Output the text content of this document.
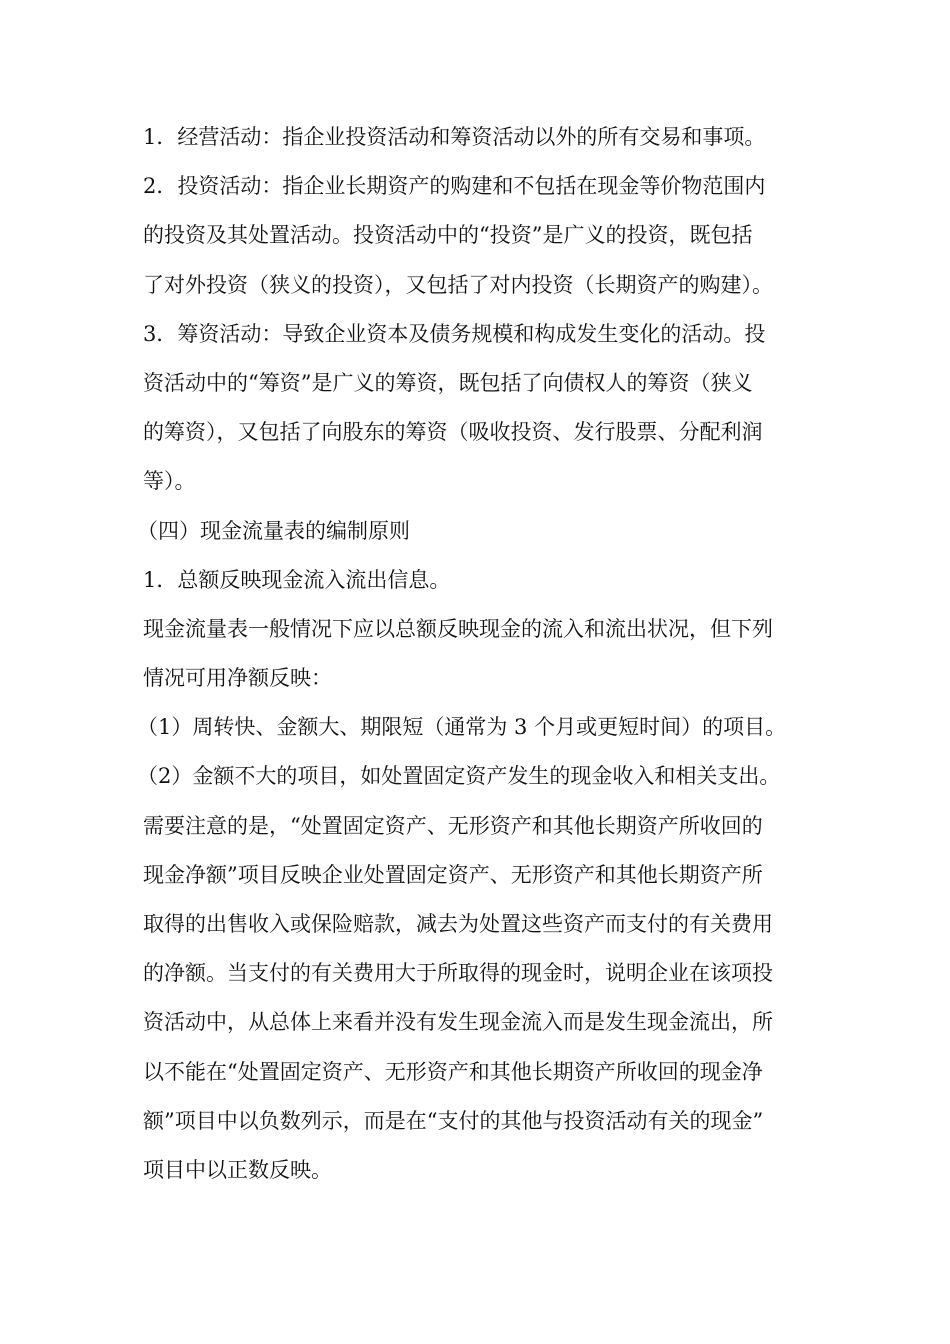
1．经营活动：指企业投资活动和筹资活动以外的所有交易和事项。
2．投资活动：指企业长期资产的购建和不包括在现金等价物范围内
的投资及其处置活动。投资活动中的“投资”是广义的投资，既包括
了对外投资（狭义的投资），又包括了对内投资（长期资产的购建）。
3．筹资活动：导致企业资本及债务规模和构成发生变化的活动。投
资活动中的“筹资”是广义的筹资，既包括了向债权人的筹资（狭义
的筹资），又包括了向股东的筹资（吸收投资、发行股票、分配利润
等）。
（四）现金流量表的编制原则
1．总额反映现金流入流出信息。
现金流量表一般情况下应以总额反映现金的流入和流出状况，但下列
情况可用净额反映：
（1）周转快、金额大、期限短（通常为 3 个月或更短时间）的项目。
（2）金额不大的项目，如处置固定资产发生的现金收入和相关支出。
需要注意的是，“处置固定资产、无形资产和其他长期资产所收回的
现金净额”项目反映企业处置固定资产、无形资产和其他长期资产所
取得的出售收入或保险赔款，减去为处置这些资产而支付的有关费用
的净额。当支付的有关费用大于所取得的现金时，说明企业在该项投
资活动中，从总体上来看并没有发生现金流入而是发生现金流出，所
以不能在“处置固定资产、无形资产和其他长期资产所收回的现金净
额”项目中以负数列示，而是在“支付的其他与投资活动有关的现金”
项目中以正数反映。
